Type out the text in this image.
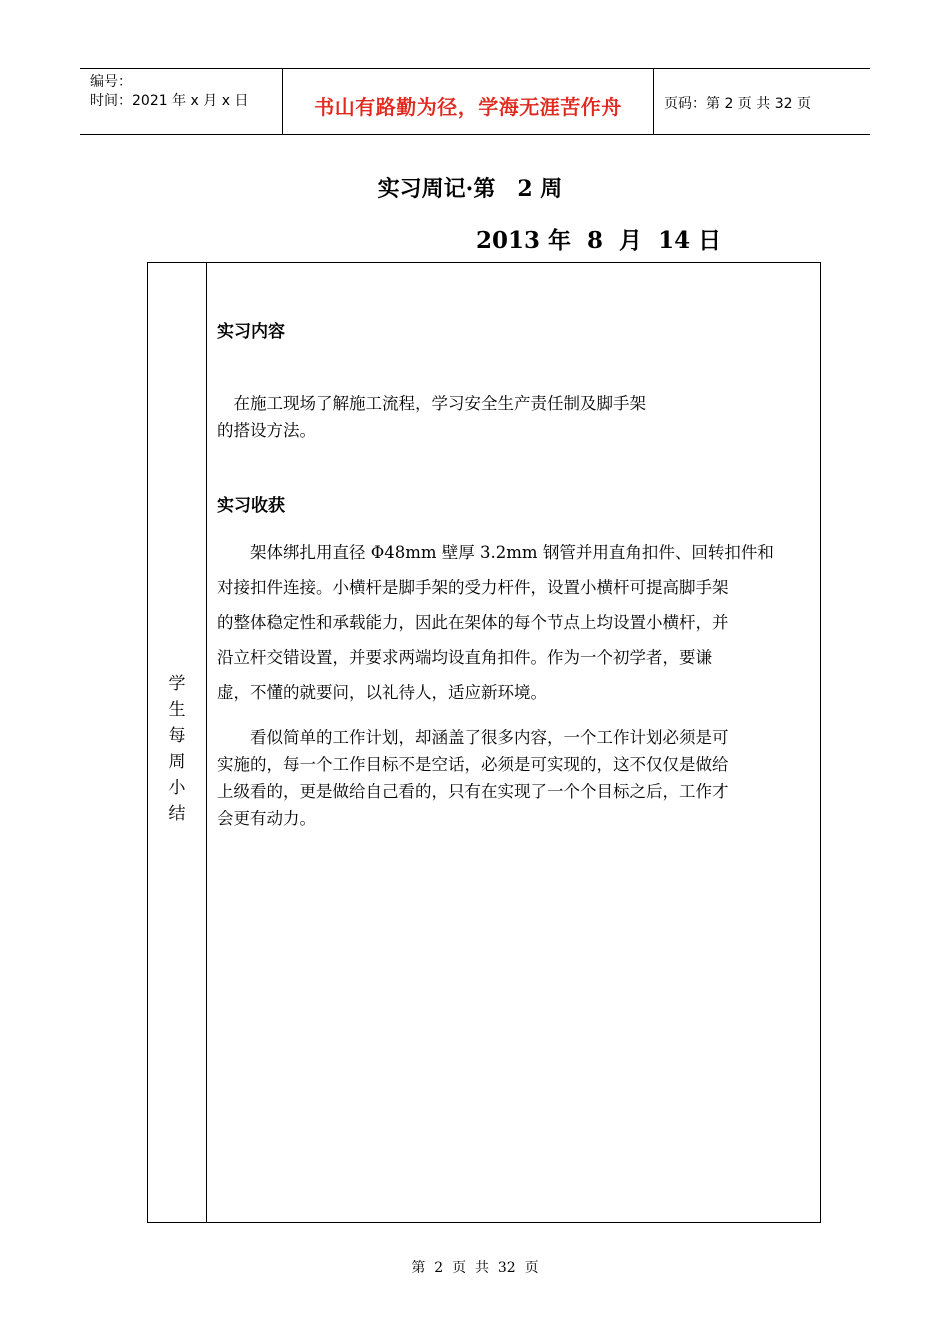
编号：
时间：2021 年 x 月 x 日	书山有路勤为径，学海无涯苦作舟	页码：第 2 页 共 32 页
实习周记·第　2 周
2013 年  8  月  14 日
学
生
每
周
小
结
实习内容
　在施工现场了解施工流程，学习安全生产责任制及脚手架
的搭设方法。
实习收获
　　架体绑扎用直径 Φ48mm 壁厚 3.2mm 钢管并用直角扣件、回转扣件和
对接扣件连接。小横杆是脚手架的受力杆件，设置小横杆可提高脚手架
的整体稳定性和承载能力，因此在架体的每个节点上均设置小横杆，并
沿立杆交错设置，并要求两端均设直角扣件。作为一个初学者，要谦
虚，不懂的就要问，以礼待人，适应新环境。
　　看似简单的工作计划，却涵盖了很多内容，一个工作计划必须是可
实施的，每一个工作目标不是空话，必须是可实现的，这不仅仅是做给
上级看的，更是做给自己看的，只有在实现了一个个目标之后，工作才
会更有动力。
第  2  页  共  32  页
